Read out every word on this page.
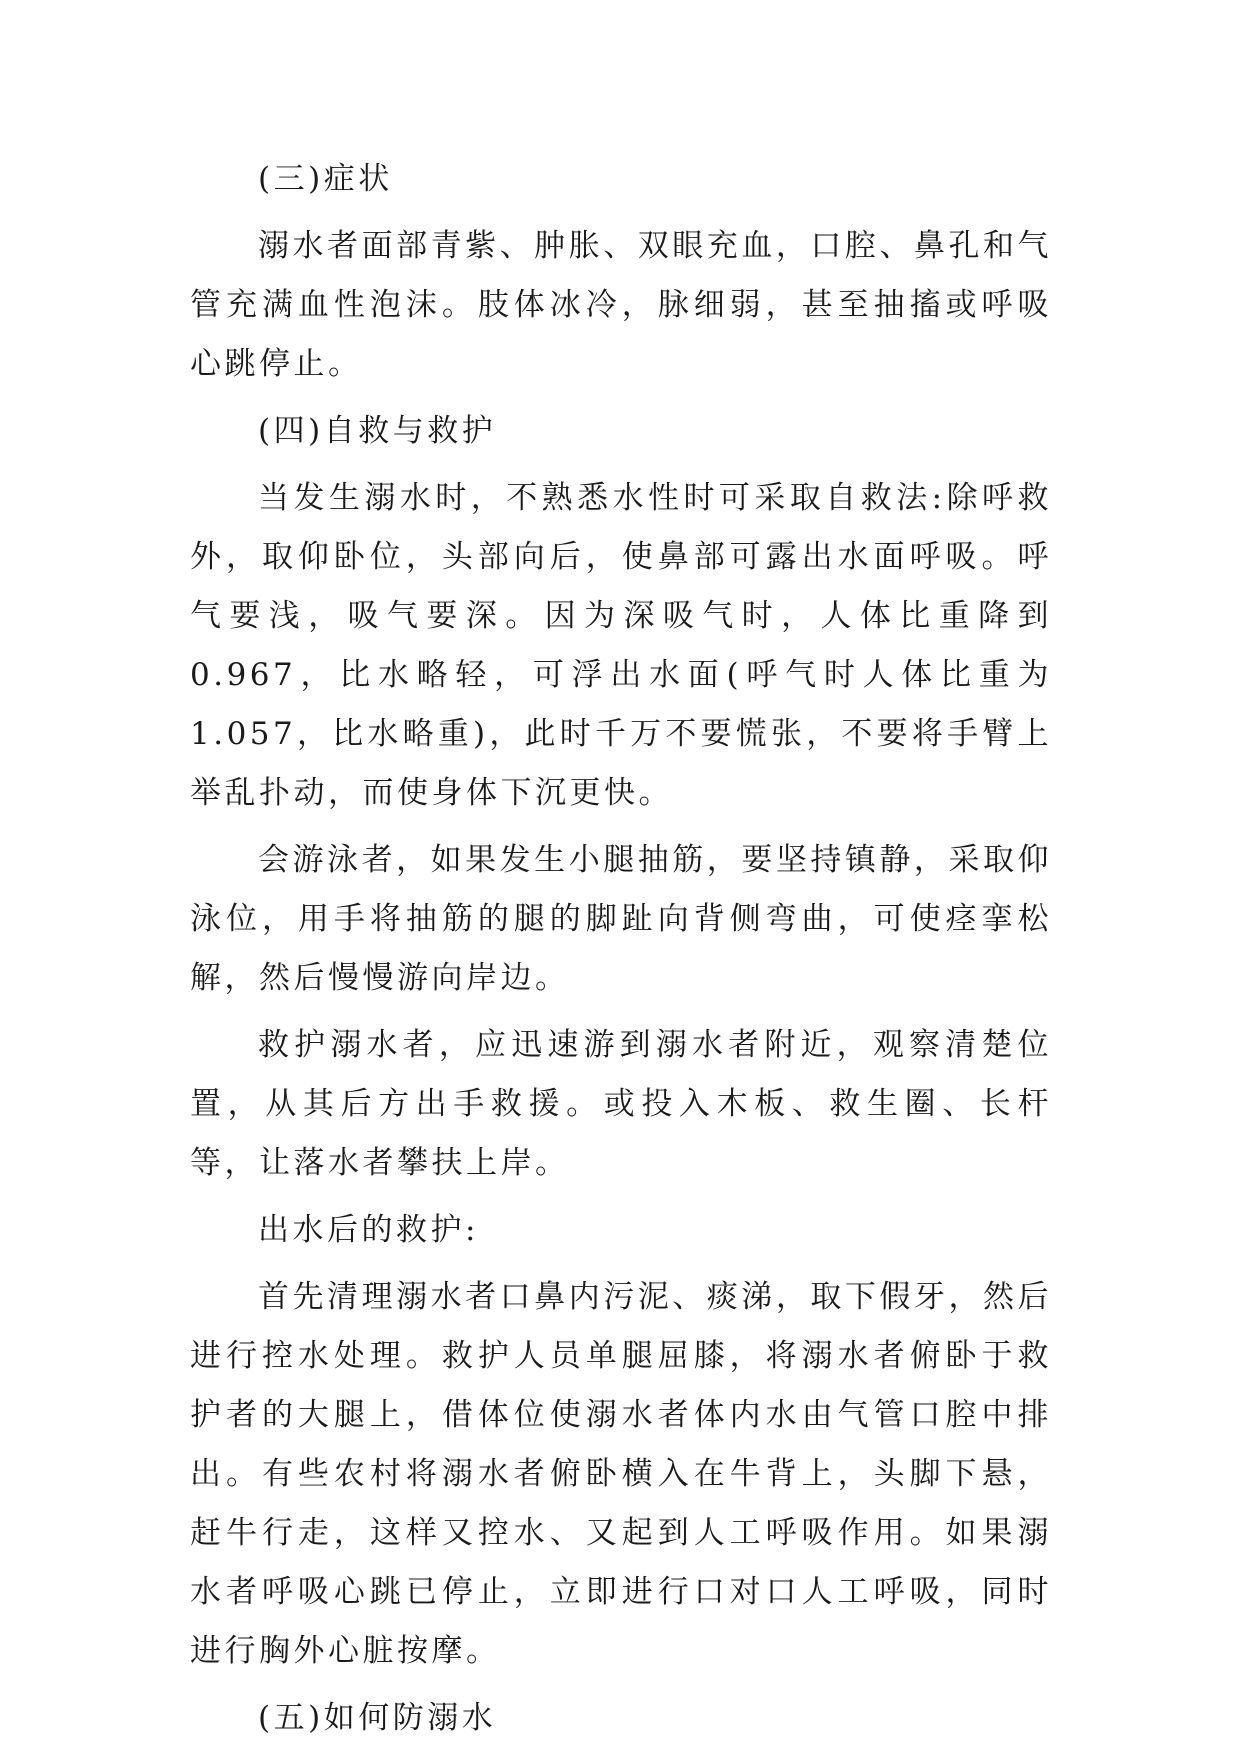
(三)症状

溺水者面部青紫、肿胀、双眼充血，口腔、鼻孔和气管充满血性泡沫。肢体冰冷，脉细弱，甚至抽搐或呼吸心跳停止。

(四)自救与救护

当发生溺水时，不熟悉水性时可采取自救法:除呼救外，取仰卧位，头部向后，使鼻部可露出水面呼吸。呼气要浅，吸气要深。因为深吸气时，人体比重降到0.967，比水略轻，可浮出水面(呼气时人体比重为1.057，比水略重)，此时千万不要慌张，不要将手臂上举乱扑动，而使身体下沉更快。

会游泳者，如果发生小腿抽筋，要坚持镇静，采取仰泳位，用手将抽筋的腿的脚趾向背侧弯曲，可使痉挛松解，然后慢慢游向岸边。

救护溺水者，应迅速游到溺水者附近，观察清楚位置，从其后方出手救援。或投入木板、救生圈、长杆等，让落水者攀扶上岸。

出水后的救护:

首先清理溺水者口鼻内污泥、痰涕，取下假牙，然后进行控水处理。救护人员单腿屈膝，将溺水者俯卧于救护者的大腿上，借体位使溺水者体内水由气管口腔中排出。有些农村将溺水者俯卧横入在牛背上，头脚下悬，赶牛行走，这样又控水、又起到人工呼吸作用。如果溺水者呼吸心跳已停止，立即进行口对口人工呼吸，同时进行胸外心脏按摩。

(五)如何防溺水
